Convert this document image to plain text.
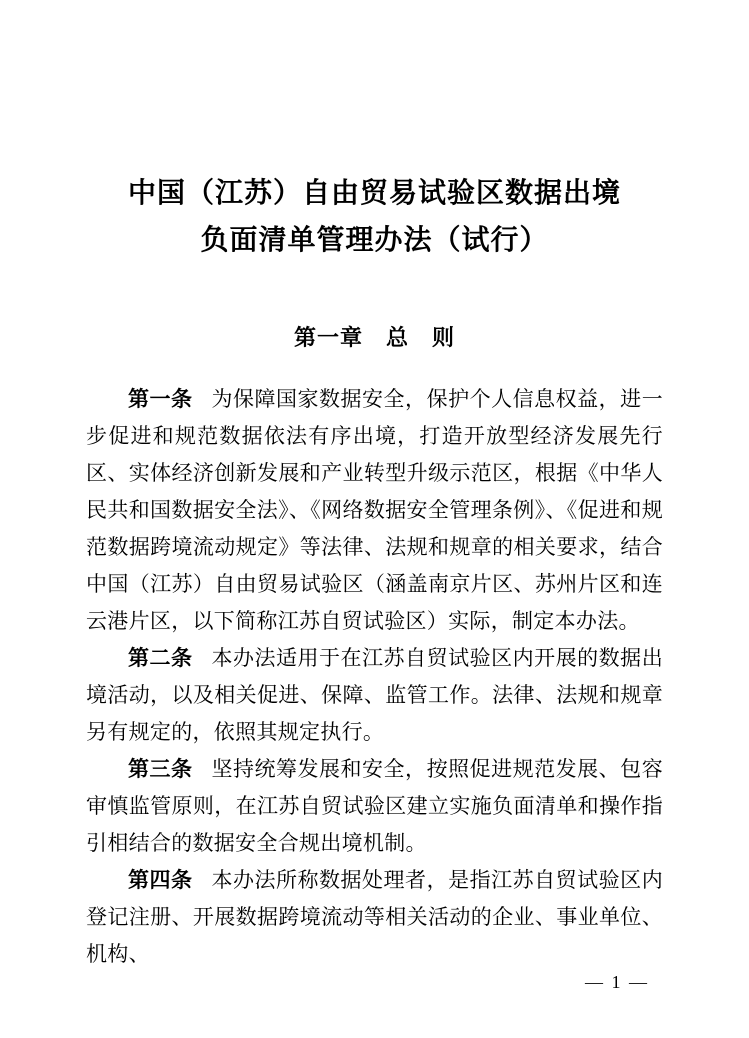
中国（江苏）自由贸易试验区数据出境
负面清单管理办法（试行）
第一章　总　则

第一条 为保障国家数据安全，保护个人信息权益，进一步促进和规范数据依法有序出境，打造开放型经济发展先行区、实体经济创新发展和产业转型升级示范区，根据《中华人民共和国数据安全法》、《网络数据安全管理条例》、《促进和规范数据跨境流动规定》等法律、法规和规章的相关要求，结合中国（江苏）自由贸易试验区（涵盖南京片区、苏州片区和连云港片区，以下简称江苏自贸试验区）实际，制定本办法。

第二条 本办法适用于在江苏自贸试验区内开展的数据出境活动，以及相关促进、保障、监管工作。法律、法规和规章另有规定的，依照其规定执行。

第三条 坚持统筹发展和安全，按照促进规范发展、包容审慎监管原则，在江苏自贸试验区建立实施负面清单和操作指引相结合的数据安全合规出境机制。

第四条 本办法所称数据处理者，是指江苏自贸试验区内登记注册、开展数据跨境流动等相关活动的企业、事业单位、机构、

— 1 —
